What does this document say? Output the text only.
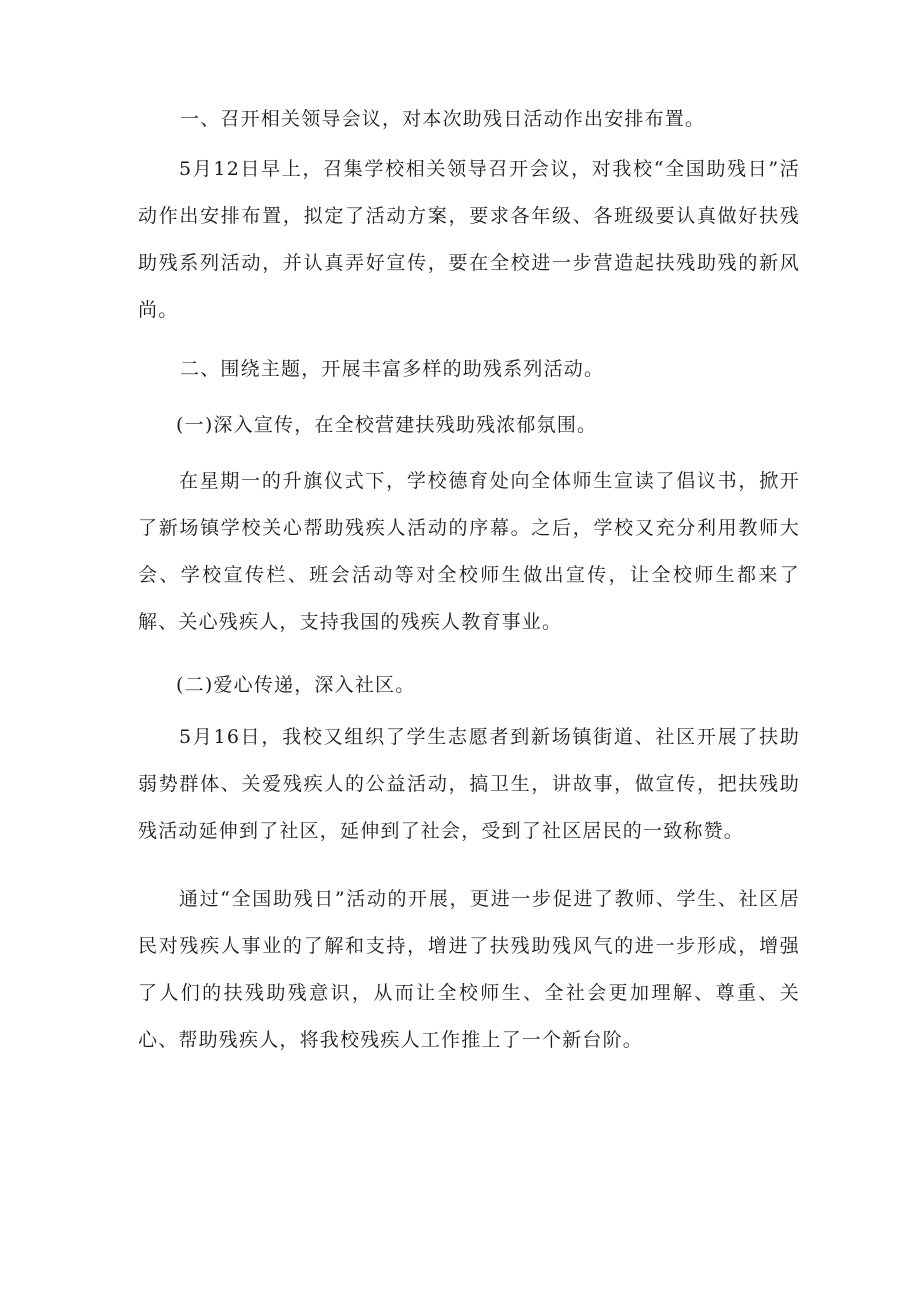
一、召开相关领导会议，对本次助残日活动作出安排布置。

5月12日早上，召集学校相关领导召开会议，对我校“全国助残日”活动作出安排布置，拟定了活动方案，要求各年级、各班级要认真做好扶残助残系列活动，并认真弄好宣传，要在全校进一步营造起扶残助残的新风尚。

二、围绕主题，开展丰富多样的助残系列活动。

(一)深入宣传，在全校营建扶残助残浓郁氛围。

在星期一的升旗仪式下，学校德育处向全体师生宣读了倡议书，掀开了新场镇学校关心帮助残疾人活动的序幕。之后，学校又充分利用教师大会、学校宣传栏、班会活动等对全校师生做出宣传，让全校师生都来了解、关心残疾人，支持我国的残疾人教育事业。

(二)爱心传递，深入社区。

5月16日，我校又组织了学生志愿者到新场镇街道、社区开展了扶助弱势群体、关爱残疾人的公益活动，搞卫生，讲故事，做宣传，把扶残助残活动延伸到了社区，延伸到了社会，受到了社区居民的一致称赞。

通过“全国助残日”活动的开展，更进一步促进了教师、学生、社区居民对残疾人事业的了解和支持，增进了扶残助残风气的进一步形成，增强了人们的扶残助残意识，从而让全校师生、全社会更加理解、尊重、关心、帮助残疾人，将我校残疾人工作推上了一个新台阶。
